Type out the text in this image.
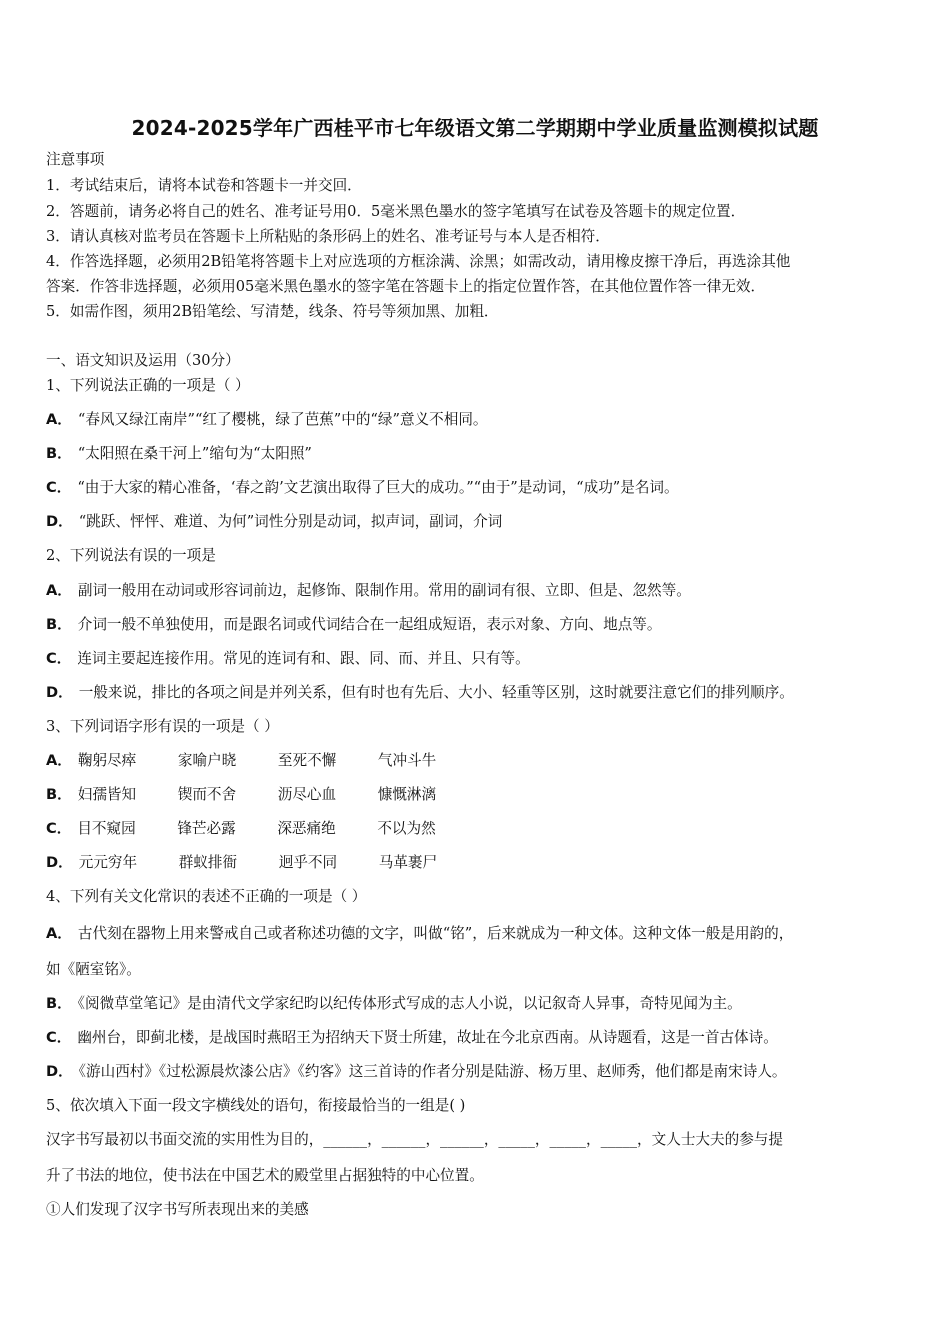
2024-2025学年广西桂平市七年级语文第二学期期中学业质量监测模拟试题
注意事项
1．考试结束后，请将本试卷和答题卡一并交回．
2．答题前，请务必将自己的姓名、准考证号用0．5毫米黑色墨水的签字笔填写在试卷及答题卡的规定位置．
3．请认真核对监考员在答题卡上所粘贴的条形码上的姓名、准考证号与本人是否相符．
4．作答选择题，必须用2B铅笔将答题卡上对应选项的方框涂满、涂黑；如需改动，请用橡皮擦干净后，再选涂其他
答案．作答非选择题，必须用05毫米黑色墨水的签字笔在答题卡上的指定位置作答，在其他位置作答一律无效．
5．如需作图，须用2B铅笔绘、写清楚，线条、符号等须加黑、加粗．
一、语文知识及运用（30分）
1、下列说法正确的一项是（ ）
A． “春风又绿江南岸”“红了樱桃，绿了芭蕉”中的“绿”意义不相同。
B． “太阳照在桑干河上”缩句为“太阳照”
C． “由于大家的精心准备，‘春之韵’文艺演出取得了巨大的成功。”“由于”是动词，“成功”是名词。
D． “跳跃、怦怦、难道、为何”词性分别是动词，拟声词，副词，介词
2、下列说法有误的一项是
A． 副词一般用在动词或形容词前边，起修饰、限制作用。常用的副词有很、立即、但是、忽然等。
B． 介词一般不单独使用，而是跟名词或代词结合在一起组成短语，表示对象、方向、地点等。
C． 连词主要起连接作用。常见的连词有和、跟、同、而、并且、只有等。
D． 一般来说，排比的各项之间是并列关系，但有时也有先后、大小、轻重等区别，这时就要注意它们的排列顺序。
3、下列词语字形有误的一项是（ ）
A． 鞠躬尽瘁	家喻户晓	至死不懈	气冲斗牛
B． 妇孺皆知	锲而不舍	沥尽心血	慷慨淋漓
C． 目不窥园	锋芒必露	深恶痛绝	不以为然
D． 元元穷年	群蚁排衙	迥乎不同	马革裹尸
4、下列有关文化常识的表述不正确的一项是（ ）
A． 古代刻在器物上用来警戒自己或者称述功德的文字，叫做“铭”，后来就成为一种文体。这种文体一般是用韵的，
如《陋室铭》。
B． 《阅微草堂笔记》是由清代文学家纪昀以纪传体形式写成的志人小说，以记叙奇人异事，奇特见闻为主。
C． 幽州台，即蓟北楼，是战国时燕昭王为招纳天下贤士所建，故址在今北京西南。从诗题看，这是一首古体诗。
D． 《游山西村》《过松源晨炊漆公店》《约客》这三首诗的作者分别是陆游、杨万里、赵师秀，他们都是南宋诗人。
5、依次填入下面一段文字横线处的语句，衔接最恰当的一组是( )
汉字书写最初以书面交流的实用性为目的，______，______，______，_____，_____，_____，文人士大夫的参与提
升了书法的地位，使书法在中国艺术的殿堂里占据独特的中心位置。
①人们发现了汉字书写所表现出来的美感
